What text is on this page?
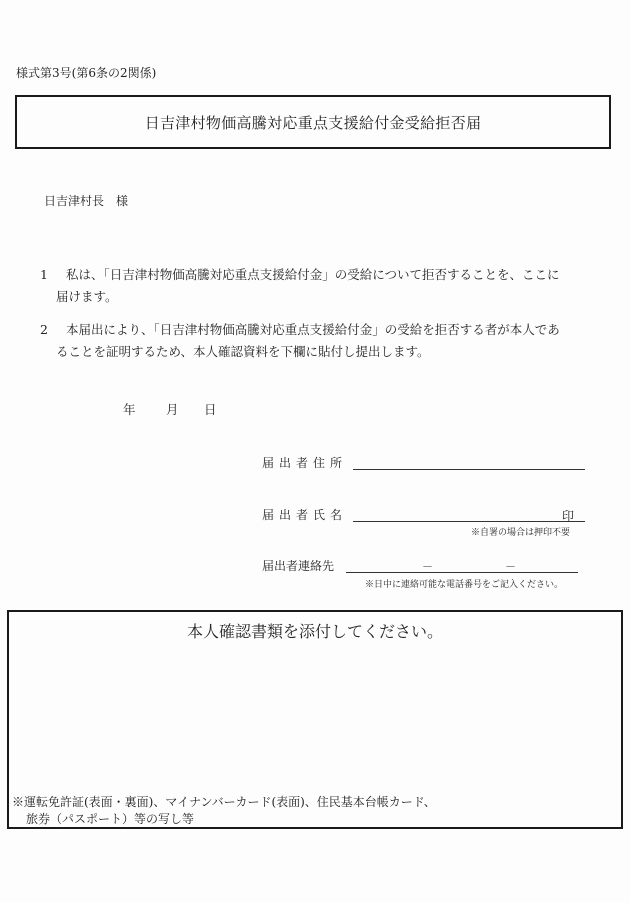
様式第3号(第6条の2関係)
日吉津村物価高騰対応重点支援給付金受給拒否届
日吉津村長　様
1 私は、「日吉津村物価高騰対応重点支援給付金」の受給について拒否することを、ここに
届けます。
2 本届出により、「日吉津村物価高騰対応重点支援給付金」の受給を拒否する者が本人であ
ることを証明するため、本人確認資料を下欄に貼付し提出します。
年 月 日
届出者住所
届出者氏名	印
※自署の場合は押印不要
届出者連絡先	－	－
※日中に連絡可能な電話番号をご記入ください。
本人確認書類を添付してください。
※運転免許証(表面・裏面)、マイナンバーカード(表面)、住民基本台帳カード、
旅券（パスポート）等の写し等
